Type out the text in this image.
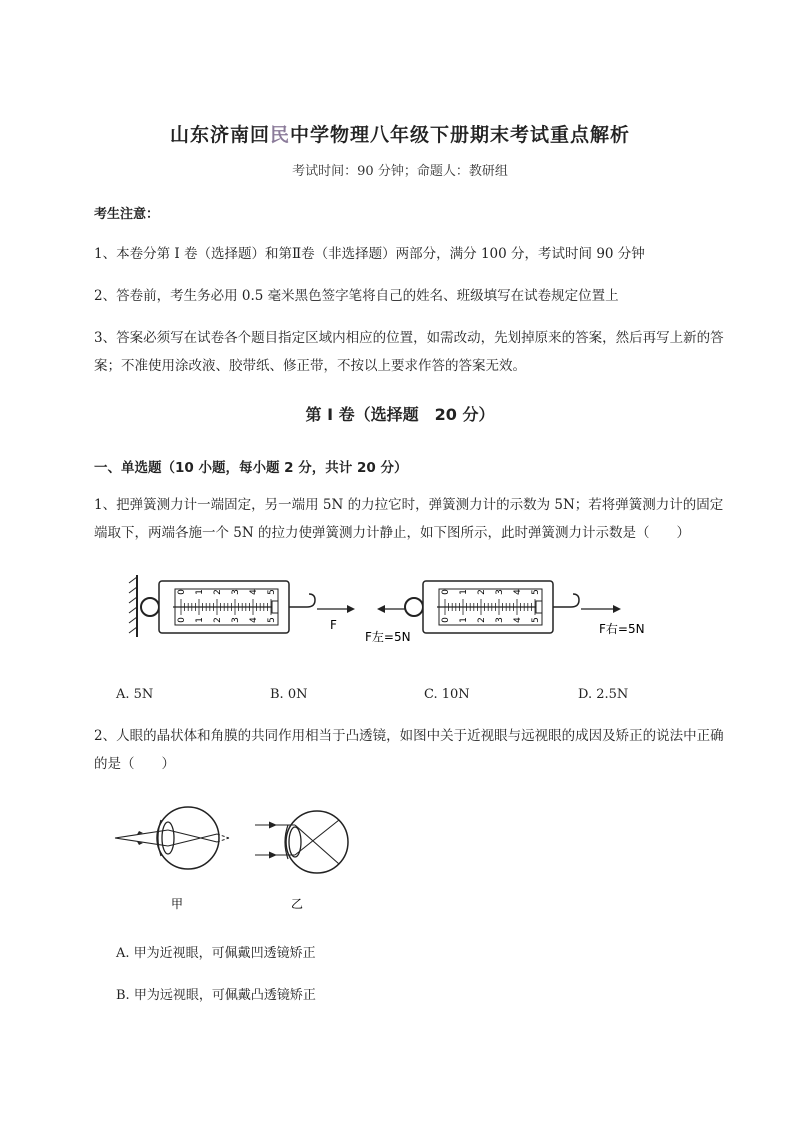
山东济南回民中学物理八年级下册期末考试重点解析
考试时间：90 分钟；命题人：教研组
考生注意：
1、本卷分第 I 卷（选择题）和第Ⅱ卷（非选择题）两部分，满分 100 分，考试时间 90 分钟
2、答卷前，考生务必用 0.5 毫米黑色签字笔将自己的姓名、班级填写在试卷规定位置上
3、答案必须写在试卷各个题目指定区域内相应的位置，如需改动，先划掉原来的答案，然后再写上新的答案；不准使用涂改液、胶带纸、修正带，不按以上要求作答的答案无效。
第 I 卷（选择题　20 分）
一、单选题（10 小题，每小题 2 分，共计 20 分）
1、把弹簧测力计一端固定，另一端用 5N 的力拉它时，弹簧测力计的示数为 5N；若将弹簧测力计的固定端取下，两端各施一个 5N 的拉力使弹簧测力计静止，如下图所示，此时弹簧测力计示数是（　　）
0
0
1
1
2
2
3
3
4
4
5
5	F
0
0
1
1
2
2
3
3
4
4
5
5
F左=5N
F右=5N
A. 5N	B. 0N	C. 10N	D. 2.5N
2、人眼的晶状体和角膜的共同作用相当于凸透镜，如图中关于近视眼与远视眼的成因及矫正的说法中正确的是（　　）
甲	乙
A. 甲为近视眼，可佩戴凹透镜矫正
B. 甲为远视眼，可佩戴凸透镜矫正
